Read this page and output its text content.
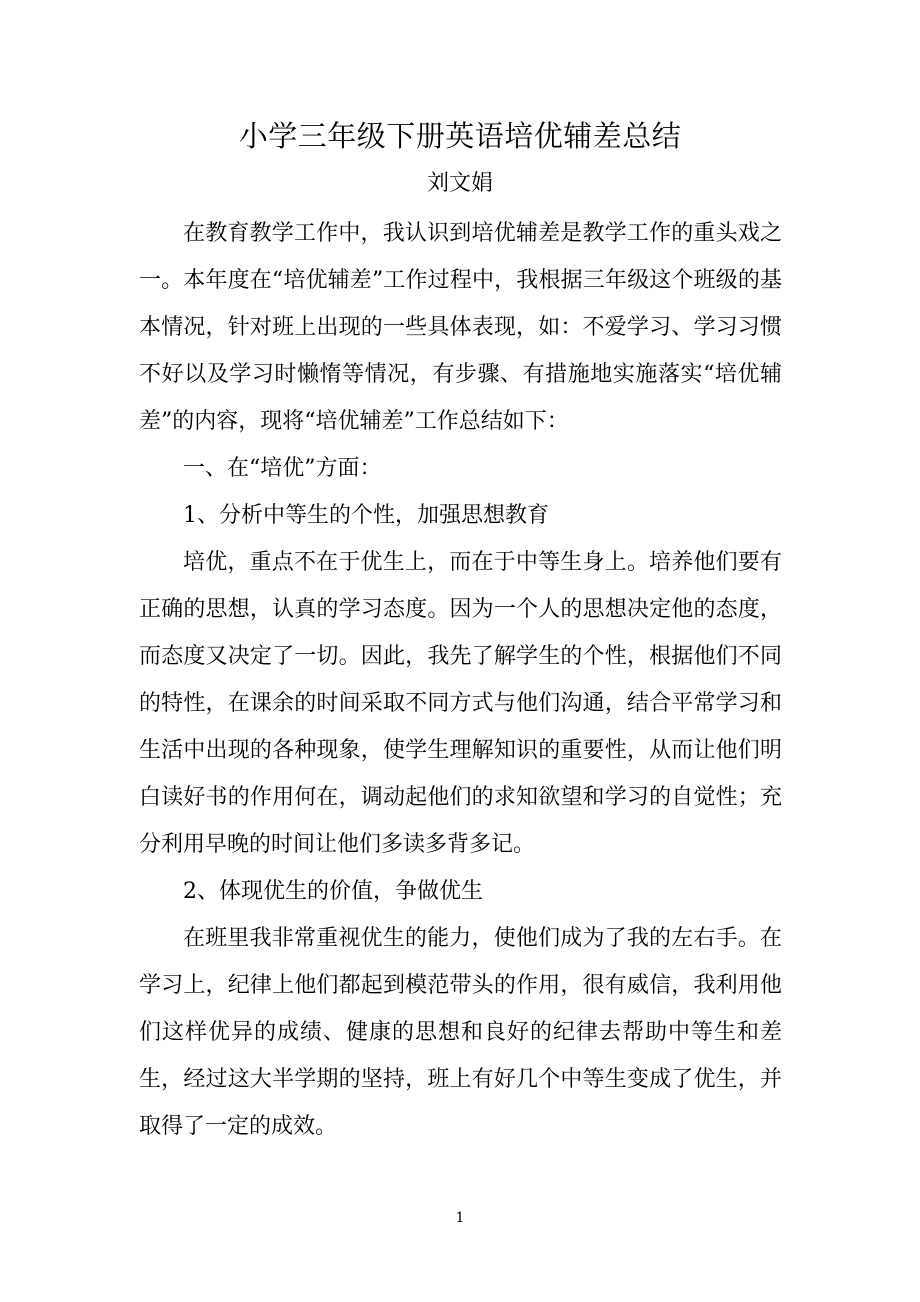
小学三年级下册英语培优辅差总结
刘文娟

在教育教学工作中，我认识到培优辅差是教学工作的重头戏之一。本年度在“培优辅差”工作过程中，我根据三年级这个班级的基本情况，针对班上出现的一些具体表现，如：不爱学习、学习习惯不好以及学习时懒惰等情况，有步骤、有措施地实施落实“培优辅差”的内容，现将“培优辅差”工作总结如下：

一、在“培优”方面：

1、分析中等生的个性，加强思想教育

培优，重点不在于优生上，而在于中等生身上。培养他们要有正确的思想，认真的学习态度。因为一个人的思想决定他的态度，而态度又决定了一切。因此，我先了解学生的个性，根据他们不同的特性，在课余的时间采取不同方式与他们沟通，结合平常学习和生活中出现的各种现象，使学生理解知识的重要性，从而让他们明白读好书的作用何在，调动起他们的求知欲望和学习的自觉性；充分利用早晚的时间让他们多读多背多记。

2、体现优生的价值，争做优生

在班里我非常重视优生的能力，使他们成为了我的左右手。在学习上，纪律上他们都起到模范带头的作用，很有威信，我利用他们这样优异的成绩、健康的思想和良好的纪律去帮助中等生和差生，经过这大半学期的坚持，班上有好几个中等生变成了优生，并取得了一定的成效。

1
